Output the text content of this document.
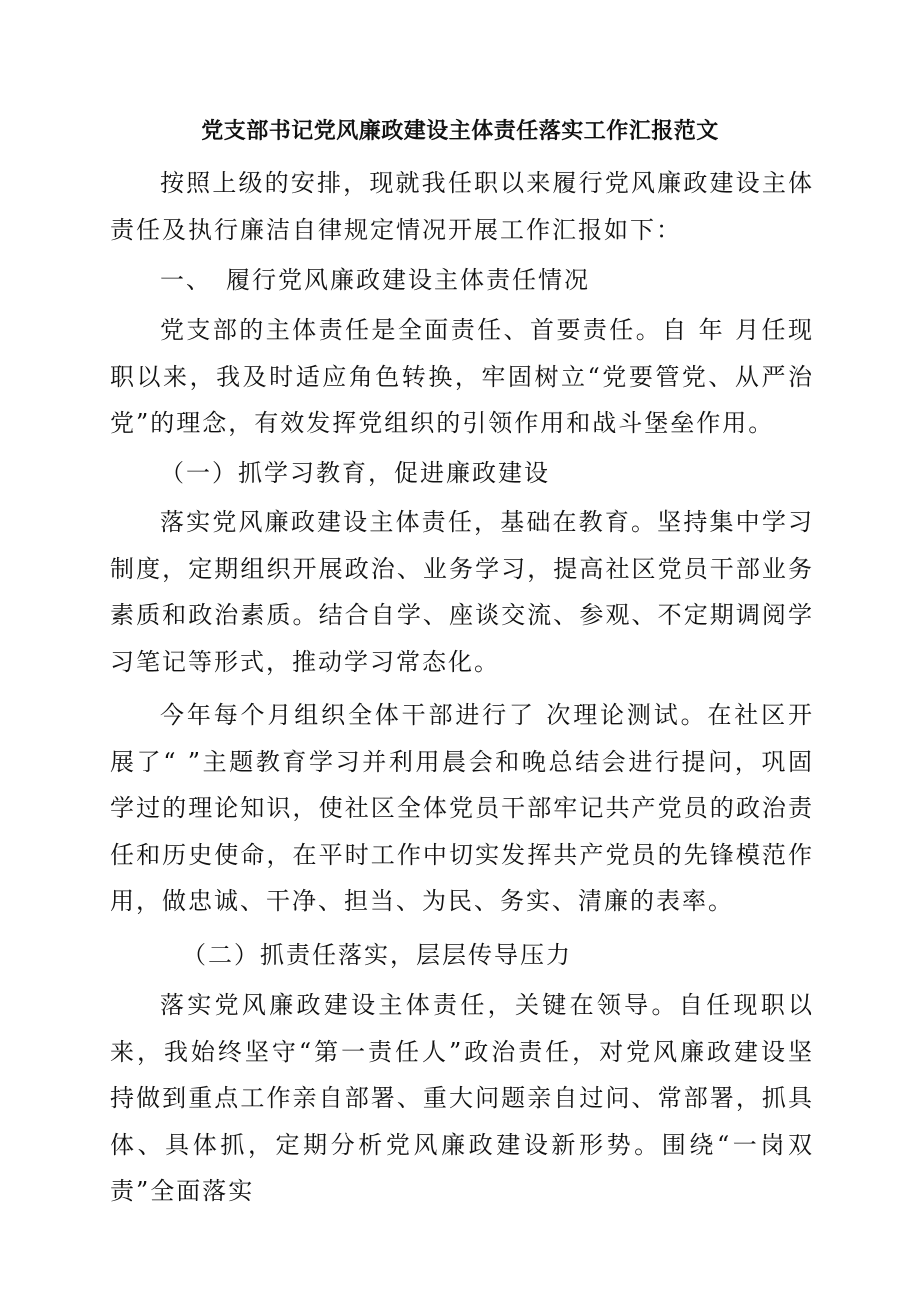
党支部书记党风廉政建设主体责任落实工作汇报范文

按照上级的安排，现就我任职以来履行党风廉政建设主体责任及执行廉洁自律规定情况开展工作汇报如下：

一、　履行党风廉政建设主体责任情况

党支部的主体责任是全面责任、首要责任。自 年 月任现职以来，我及时适应角色转换，牢固树立“党要管党、从严治党”的理念，有效发挥党组织的引领作用和战斗堡垒作用。

（一）抓学习教育，促进廉政建设

落实党风廉政建设主体责任，基础在教育。坚持集中学习制度，定期组织开展政治、业务学习，提高社区党员干部业务素质和政治素质。结合自学、座谈交流、参观、不定期调阅学习笔记等形式，推动学习常态化。

今年每个月组织全体干部进行了 次理论测试。在社区开展了“ ”主题教育学习并利用晨会和晚总结会进行提问，巩固学过的理论知识，使社区全体党员干部牢记共产党员的政治责任和历史使命，在平时工作中切实发挥共产党员的先锋模范作用，做忠诚、干净、担当、为民、务实、清廉的表率。

（二）抓责任落实，层层传导压力

落实党风廉政建设主体责任，关键在领导。自任现职以来，我始终坚守“第一责任人”政治责任，对党风廉政建设坚持做到重点工作亲自部署、重大问题亲自过问、常部署，抓具体、具体抓，定期分析党风廉政建设新形势。围绕“一岗双责”全面落实
